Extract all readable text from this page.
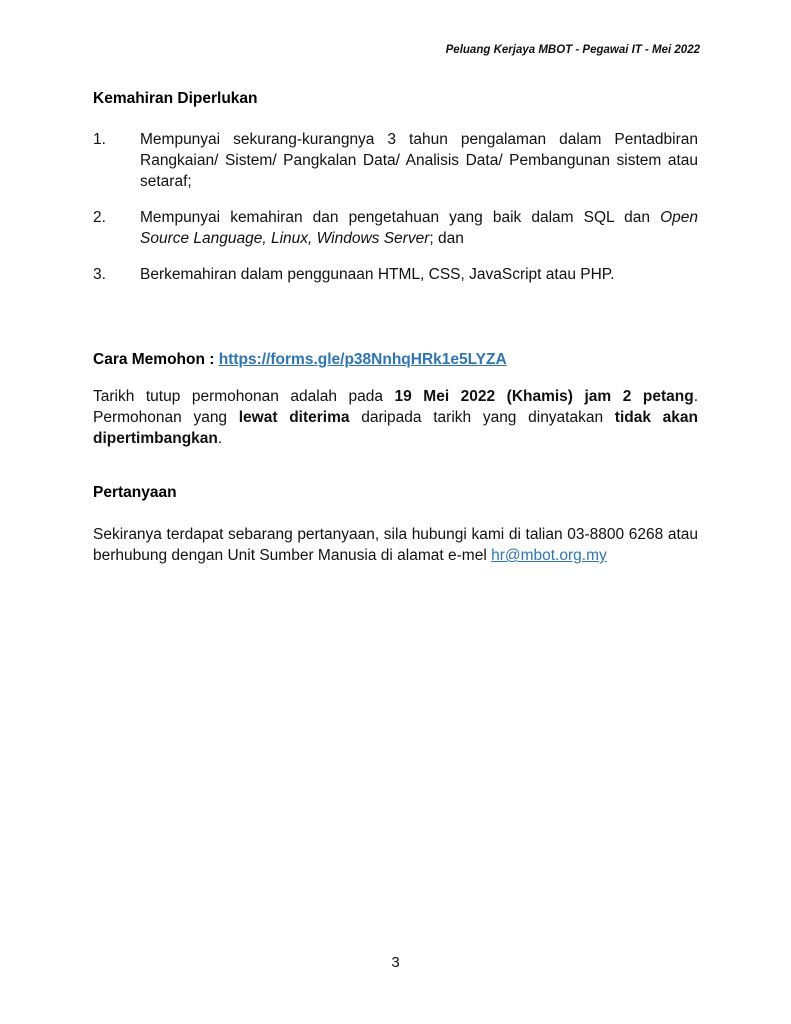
Peluang Kerjaya MBOT - Pegawai IT - Mei 2022
Kemahiran Diperlukan
1.	Mempunyai sekurang-kurangnya 3 tahun pengalaman dalam Pentadbiran Rangkaian/ Sistem/ Pangkalan Data/ Analisis Data/ Pembangunan sistem atau setaraf;
2.	Mempunyai kemahiran dan pengetahuan yang baik dalam SQL dan Open Source Language, Linux, Windows Server; dan
3.	Berkemahiran dalam penggunaan HTML, CSS, JavaScript atau PHP.
Cara Memohon : https://forms.gle/p38NnhqHRk1e5LYZA
Tarikh tutup permohonan adalah pada 19 Mei 2022 (Khamis) jam 2 petang. Permohonan yang lewat diterima daripada tarikh yang dinyatakan tidak akan dipertimbangkan.
Pertanyaan
Sekiranya terdapat sebarang pertanyaan, sila hubungi kami di talian 03-8800 6268 atau berhubung dengan Unit Sumber Manusia di alamat e-mel hr@mbot.org.my
3
